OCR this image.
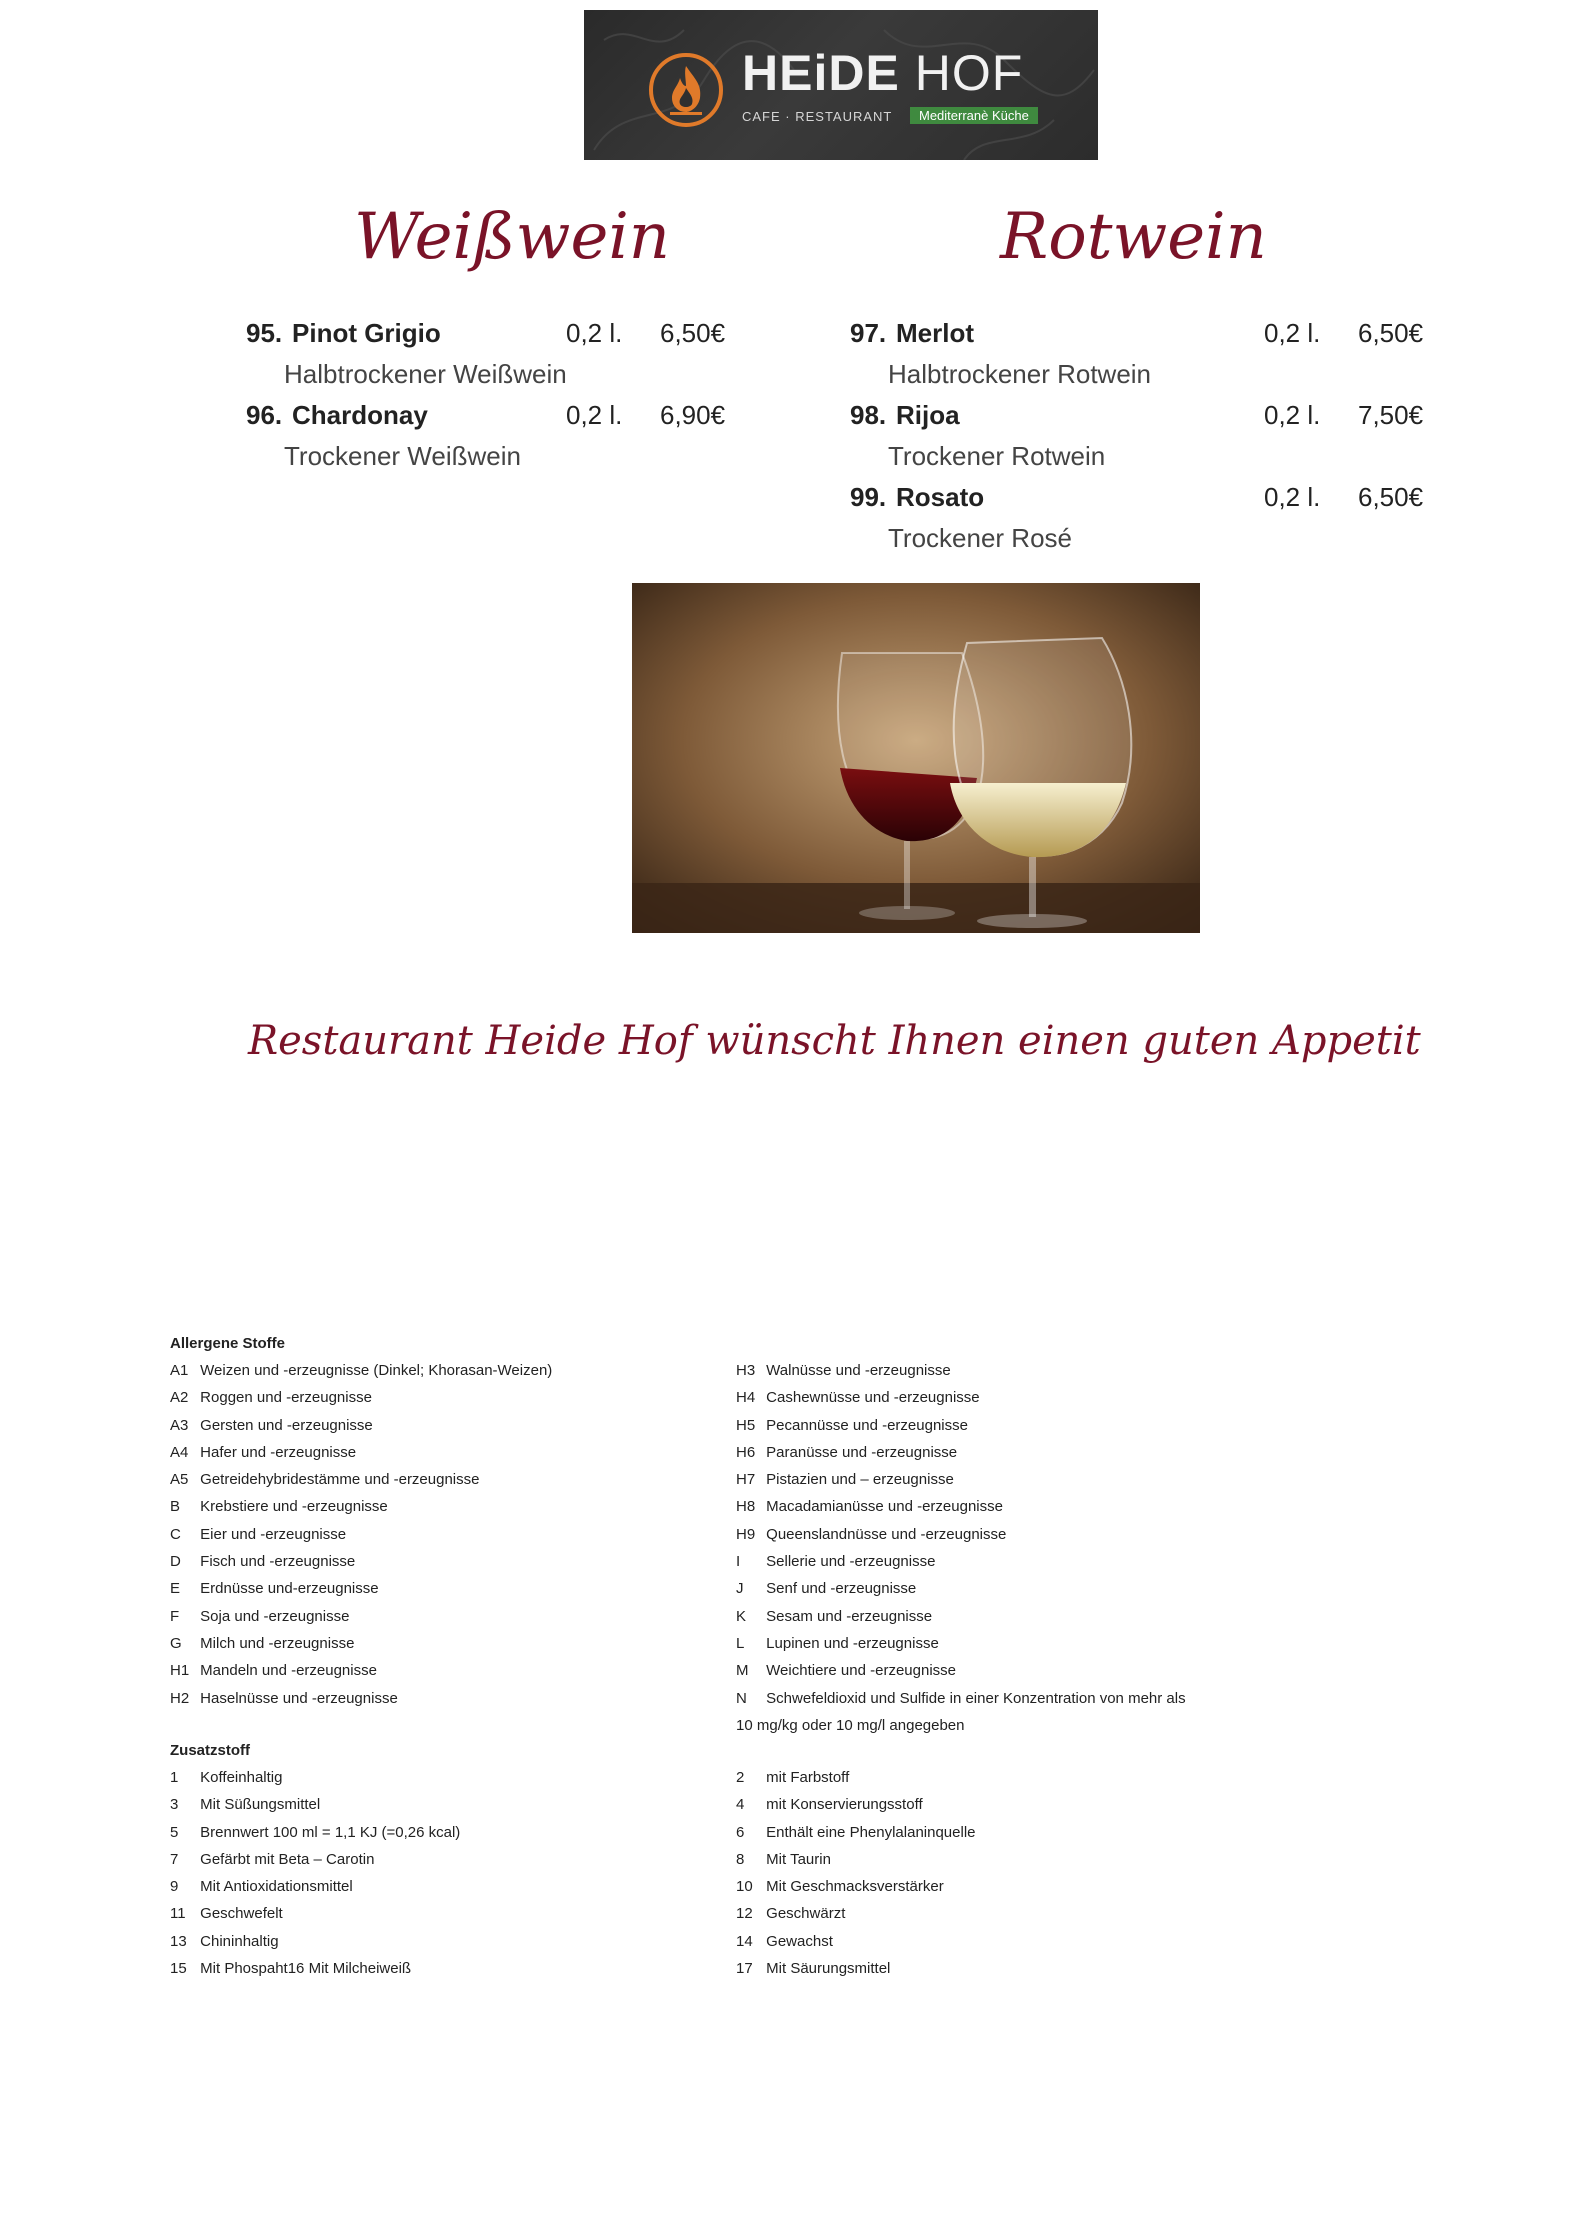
HEiDE HOF
CAFE · RESTAURANT	Mediterranè Küche
Weißwein	Rotwein
95. Pinot Grigio	0,2 l. 6,50€
Halbtrockener Weißwein
96. Chardonay	0,2 l. 6,90€
Trockener Weißwein
97. Merlot	0,2 l. 6,50€
Halbtrockener Rotwein
98. Rijoa	0,2 l. 7,50€
Trockener Rotwein
99. Rosato	0,2 l. 6,50€
Trockener Rosé
Restaurant Heide Hof wünscht Ihnen einen guten Appetit
Allergene Stoffe
A1 Weizen und -erzeugnisse (Dinkel; Khorasan-Weizen)
A2 Roggen und -erzeugnisse
A3 Gersten und -erzeugnisse
A4 Hafer und -erzeugnisse
A5 Getreidehybridestämme und -erzeugnisse
B Krebstiere und -erzeugnisse
C Eier und -erzeugnisse
D Fisch und -erzeugnisse
E Erdnüsse und-erzeugnisse
F Soja und -erzeugnisse
G Milch und -erzeugnisse
H1 Mandeln und -erzeugnisse
H2 Haselnüsse und -erzeugnisse
H3 Walnüsse und -erzeugnisse
H4 Cashewnüsse und -erzeugnisse
H5 Pecannüsse und -erzeugnisse
H6 Paranüsse und -erzeugnisse
H7 Pistazien und – erzeugnisse
H8 Macadamianüsse und -erzeugnisse
H9 Queenslandnüsse und -erzeugnisse
I Sellerie und -erzeugnisse
J Senf und -erzeugnisse
K Sesam und -erzeugnisse
L Lupinen und -erzeugnisse
M Weichtiere und -erzeugnisse
N Schwefeldioxid und Sulfide in einer Konzentration von mehr als 10 mg/kg oder 10 mg/l angegeben
Zusatzstoff
1 Koffeinhaltig
3 Mit Süßungsmittel
5 Brennwert 100 ml = 1,1 KJ (=0,26 kcal)
7 Gefärbt mit Beta – Carotin
9 Mit Antioxidationsmittel
11 Geschwefelt
13 Chininhaltig
15 Mit Phospaht16 Mit Milcheiweiß
2 mit Farbstoff
4 mit Konservierungsstoff
6 Enthält eine Phenylalaninquelle
8 Mit Taurin
10 Mit Geschmacksverstärker
12 Geschwärzt
14 Gewachst
17 Mit Säurungsmittel
